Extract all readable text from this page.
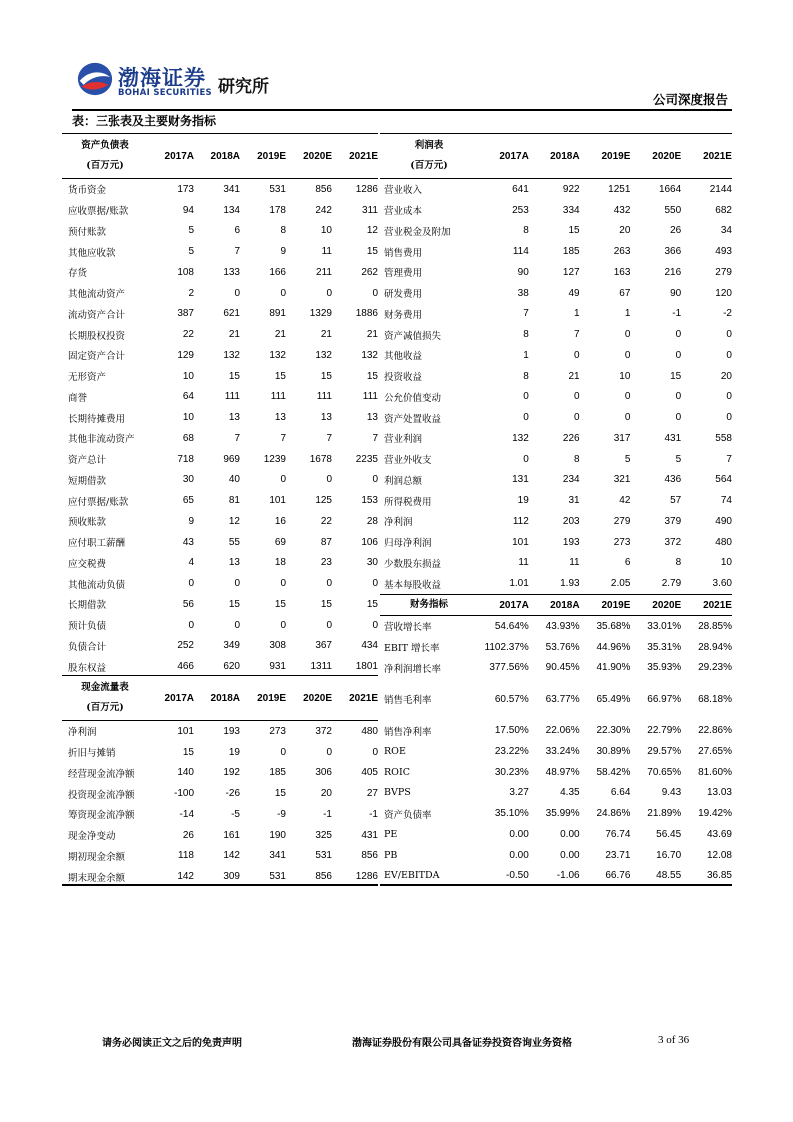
渤海证券
BOHAI SECURITIES 研究所
公司深度报告
表：三张表及主要财务指标
资产负债表
(百万元)
2017A	2018A	2019E	2020E	2021E
货币资金	173	341	531	856	1286
应收票据/账款	94	134	178	242	311
预付账款	5	6	8	10	12
其他应收款	5	7	9	11	15
存货	108	133	166	211	262
其他流动资产	2	0	0	0	0
流动资产合计	387	621	891	1329	1886
长期股权投资	22	21	21	21	21
固定资产合计	129	132	132	132	132
无形资产	10	15	15	15	15
商誉	64	111	111	111	111
长期待摊费用	10	13	13	13	13
其他非流动资产	68	7	7	7	7
资产总计	718	969	1239	1678	2235
短期借款	30	40	0	0	0
应付票据/账款	65	81	101	125	153
预收账款	9	12	16	22	28
应付职工薪酬	43	55	69	87	106
应交税费	4	13	18	23	30
其他流动负债	0	0	0	0	0
长期借款	56	15	15	15	15
预计负债	0	0	0	0	0
负债合计	252	349	308	367	434
股东权益	466	620	931	1311	1801
现金流量表
(百万元)
2017A	2018A	2019E	2020E	2021E
净利润	101	193	273	372	480
折旧与摊销	15	19	0	0	0
经营现金流净额	140	192	185	306	405
投资现金流净额	-100	-26	15	20	27
筹资现金流净额	-14	-5	-9	-1	-1
现金净变动	26	161	190	325	431
期初现金余额	118	142	341	531	856
期末现金余额	142	309	531	856	1286
利润表
(百万元)
2017A	2018A	2019E	2020E	2021E
营业收入	641	922	1251	1664	2144
营业成本	253	334	432	550	682
营业税金及附加	8	15	20	26	34
销售费用	114	185	263	366	493
管理费用	90	127	163	216	279
研发费用	38	49	67	90	120
财务费用	7	1	1	-1	-2
资产减值损失	8	7	0	0	0
其他收益	1	0	0	0	0
投资收益	8	21	10	15	20
公允价值变动	0	0	0	0	0
资产处置收益	0	0	0	0	0
营业利润	132	226	317	431	558
营业外收支	0	8	5	5	7
利润总额	131	234	321	436	564
所得税费用	19	31	42	57	74
净利润	112	203	279	379	490
归母净利润	101	193	273	372	480
少数股东损益	11	11	6	8	10
基本每股收益	1.01	1.93	2.05	2.79	3.60
财务指标	2017A	2018A	2019E	2020E	2021E
营收增长率	54.64%	43.93%	35.68%	33.01%	28.85%
EBIT 增长率	1102.37%	53.76%	44.96%	35.31%	28.94%
净利润增长率	377.56%	90.45%	41.90%	35.93%	29.23%
销售毛利率	60.57%	63.77%	65.49%	66.97%	68.18%
销售净利率	17.50%	22.06%	22.30%	22.79%	22.86%
ROE	23.22%	33.24%	30.89%	29.57%	27.65%
ROIC	30.23%	48.97%	58.42%	70.65%	81.60%
BVPS	3.27	4.35	6.64	9.43	13.03
资产负债率	35.10%	35.99%	24.86%	21.89%	19.42%
PE	0.00	0.00	76.74	56.45	43.69
PB	0.00	0.00	23.71	16.70	12.08
EV/EBITDA	-0.50	-1.06	66.76	48.55	36.85
请务必阅读正文之后的免责声明	渤海证券股份有限公司具备证券投资咨询业务资格	3 of 36
